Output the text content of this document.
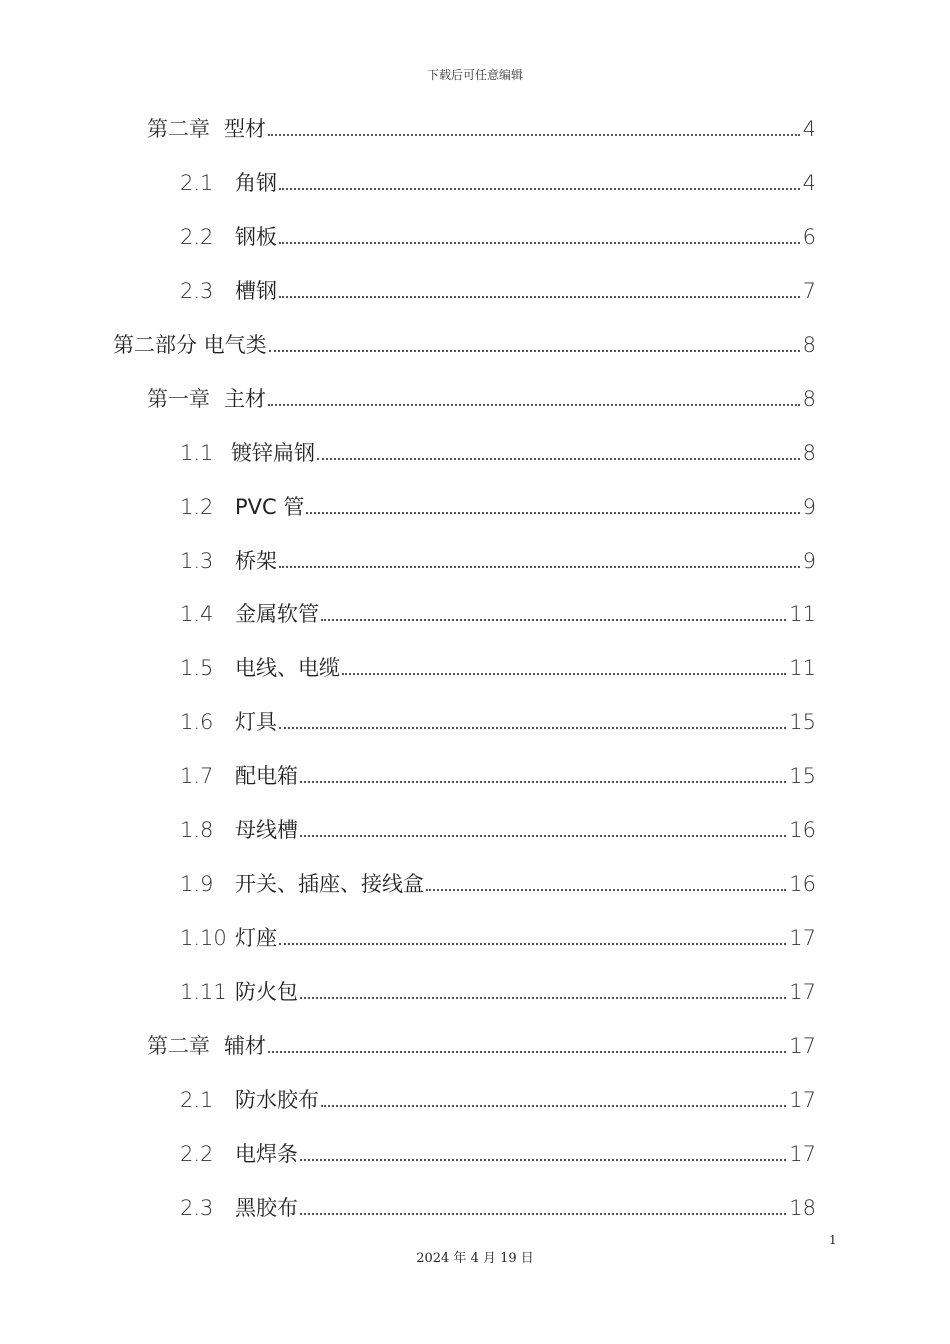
下载后可任意编辑
第二章 型材	4
2.1	角钢	4
2.2	钢板	6
2.3	槽钢	7
第二部分 电气类	8
第一章 主材	8
1.1 镀锌扁钢	8
1.2	PVC 管	9
1.3	桥架	9
1.4	金属软管	11
1.5	电线、电缆	11
1.6	灯具	15
1.7	配电箱	15
1.8	母线槽	16
1.9	开关、插座、接线盒	16
1.10 灯座	17
1.11 防火包	17
第二章 辅材	17
2.1	防水胶布	17
2.2	电焊条	17
2.3	黑胶布	18
1
2024 年 4 月 19 日
